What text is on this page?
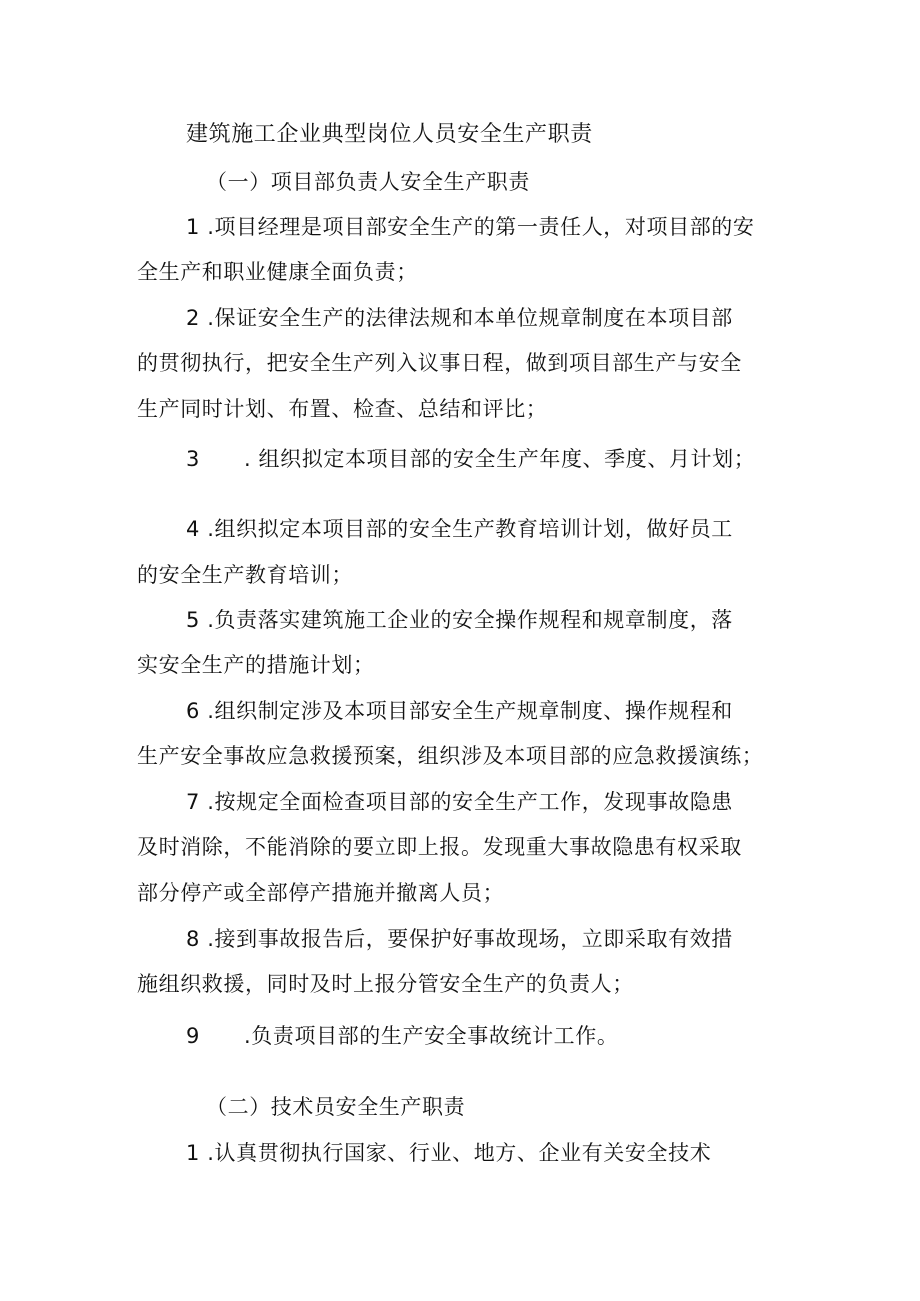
建筑施工企业典型岗位人员安全生产职责
（一）项目部负责人安全生产职责
1 .项目经理是项目部安全生产的第一责任人，对项目部的安
全生产和职业健康全面负责；
2 .保证安全生产的法律法规和本单位规章制度在本项目部
的贯彻执行，把安全生产列入议事日程，做到项目部生产与安全
生产同时计划、布置、检查、总结和评比；
3 . 组织拟定本项目部的安全生产年度、季度、月计划；
4 .组织拟定本项目部的安全生产教育培训计划，做好员工
的安全生产教育培训；
5 .负责落实建筑施工企业的安全操作规程和规章制度，落
实安全生产的措施计划；
6 .组织制定涉及本项目部安全生产规章制度、操作规程和
生产安全事故应急救援预案，组织涉及本项目部的应急救援演练；
7 .按规定全面检查项目部的安全生产工作，发现事故隐患
及时消除，不能消除的要立即上报。发现重大事故隐患有权采取
部分停产或全部停产措施并撤离人员；
8 .接到事故报告后，要保护好事故现场，立即采取有效措
施组织救援，同时及时上报分管安全生产的负责人；
9 .负责项目部的生产安全事故统计工作。
（二）技术员安全生产职责
1 .认真贯彻执行国家、行业、地方、企业有关安全技术
